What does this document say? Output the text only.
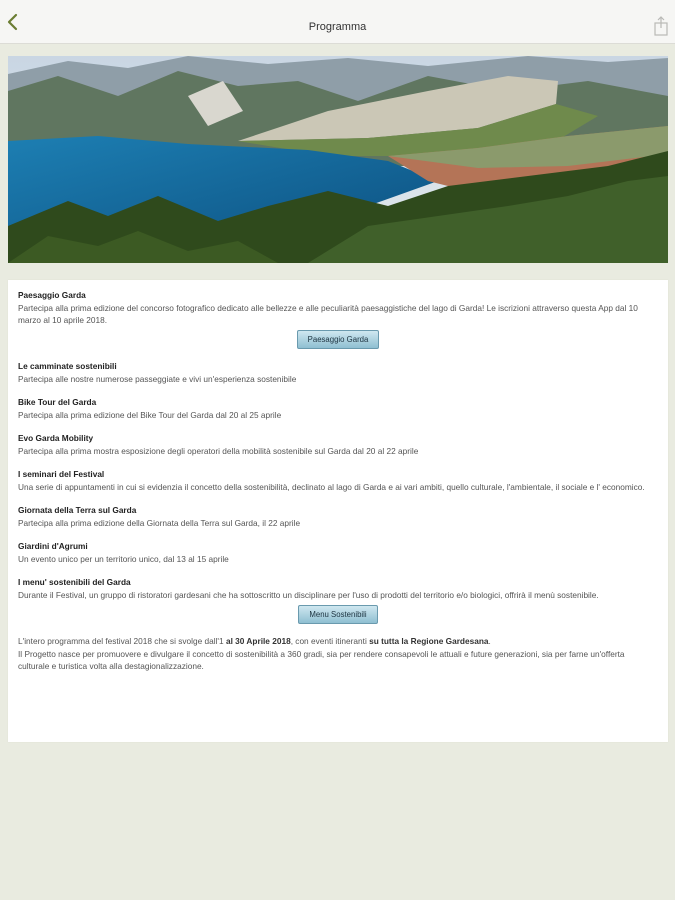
Programma
Paesaggio Garda
Partecipa alla prima edizione del concorso fotografico dedicato alle bellezze e alle peculiarità paesaggistiche del lago di Garda! Le iscrizioni attraverso questa App dal 10 marzo al 10 aprile 2018.
Paesaggio Garda
Le camminate sostenibili
Partecipa alle nostre numerose passeggiate e vivi un'esperienza sostenibile
Bike Tour del Garda
Partecipa alla prima edizione del Bike Tour del Garda dal 20 al 25 aprile
Evo Garda Mobility
Partecipa alla prima mostra esposizione degli operatori della mobilità sostenibile sul Garda dal 20 al 22 aprile
I seminari del Festival
Una serie di appuntamenti in cui si evidenzia il concetto della sostenibilità, declinato al lago di Garda e ai vari ambiti, quello culturale, l'ambientale, il sociale e l' economico.
Giornata della Terra sul Garda
Partecipa alla prima edizione della Giornata della Terra sul Garda, il 22 aprile
Giardini d'Agrumi
Un evento unico per un territorio unico, dal 13 al 15 aprile
I menu' sostenibili del Garda
Durante il Festival, un gruppo di ristoratori gardesani che ha sottoscritto un disciplinare per l'uso di prodotti del territorio e/o biologici, offrirà il menù sostenibile.
Menu Sostenibili
L'intero programma del festival 2018 che si svolge dall'1 al 30 Aprile 2018, con eventi itineranti su tutta la Regione Gardesana.
Il Progetto nasce per promuovere e divulgare il concetto di sostenibilità a 360 gradi, sia per rendere consapevoli le attuali e future generazioni, sia per farne un'offerta culturale e turistica volta alla destagionalizzazione.
